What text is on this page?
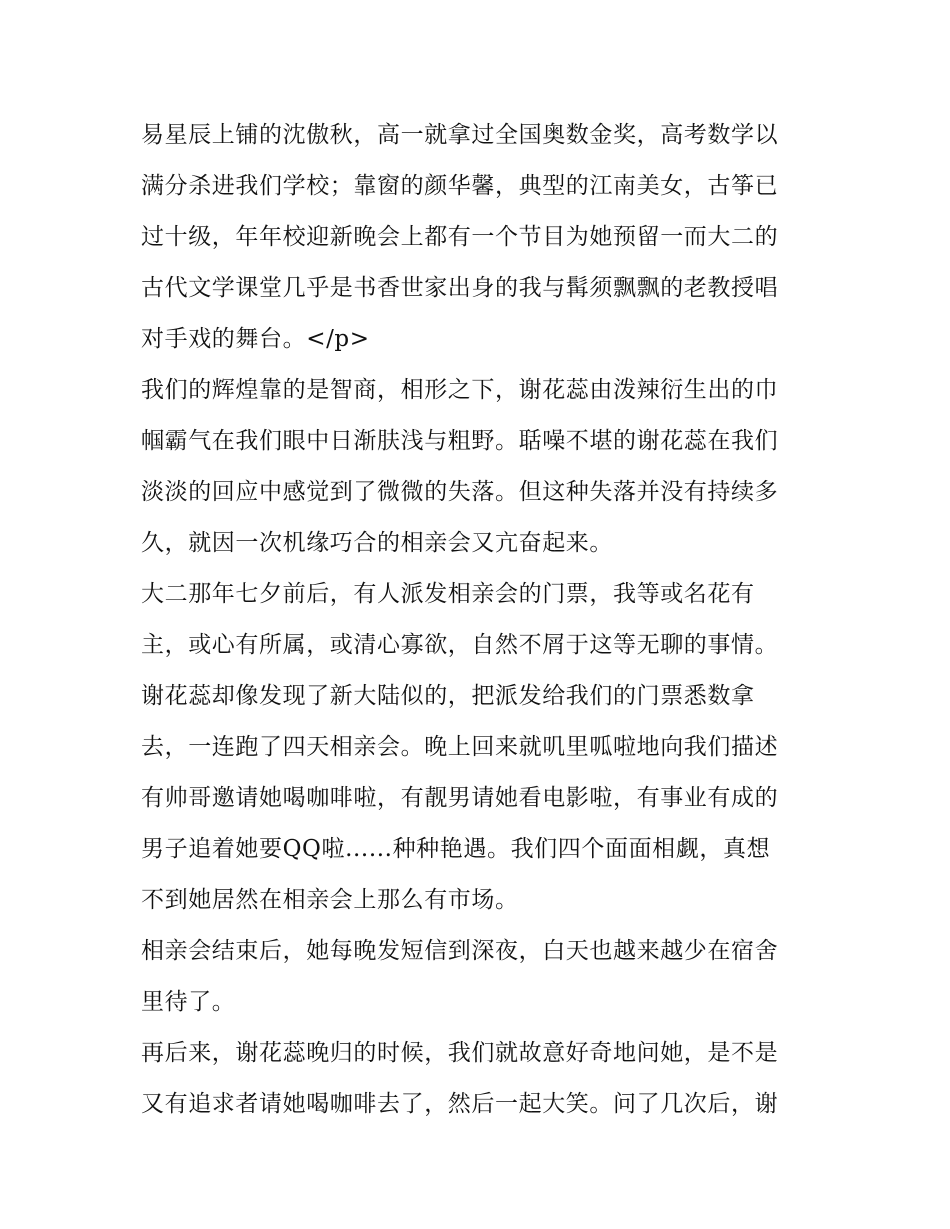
易星辰上铺的沈傲秋，高一就拿过全国奥数金奖，高考数学以
满分杀进我们学校；靠窗的颜华馨，典型的江南美女，古筝已
过十级，年年校迎新晚会上都有一个节目为她预留一而大二的
古代文学课堂几乎是书香世家出身的我与髯须飘飘的老教授唱
对手戏的舞台。</p>
我们的辉煌靠的是智商，相形之下，谢花蕊由泼辣衍生出的巾
帼霸气在我们眼中日渐肤浅与粗野。聒噪不堪的谢花蕊在我们
淡淡的回应中感觉到了微微的失落。但这种失落并没有持续多
久，就因一次机缘巧合的相亲会又亢奋起来。
大二那年七夕前后，有人派发相亲会的门票，我等或名花有
主，或心有所属，或清心寡欲，自然不屑于这等无聊的事情。
谢花蕊却像发现了新大陆似的，把派发给我们的门票悉数拿
去，一连跑了四天相亲会。晚上回来就叽里呱啦地向我们描述
有帅哥邀请她喝咖啡啦，有靓男请她看电影啦，有事业有成的
男子追着她要QQ啦......种种艳遇。我们四个面面相觑，真想
不到她居然在相亲会上那么有市场。
相亲会结束后，她每晚发短信到深夜，白天也越来越少在宿舍
里待了。
再后来，谢花蕊晚归的时候，我们就故意好奇地问她，是不是
又有追求者请她喝咖啡去了，然后一起大笑。问了几次后，谢
